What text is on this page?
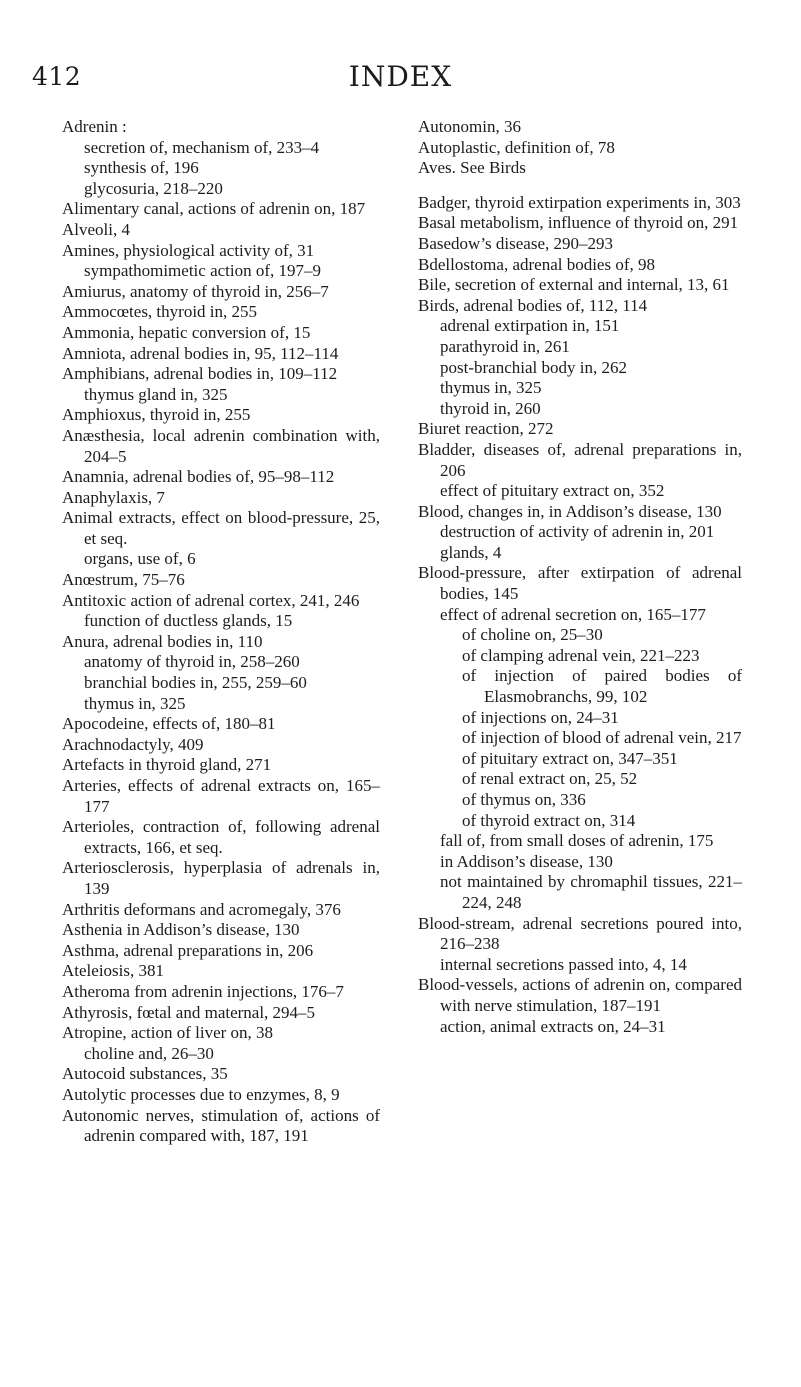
412	INDEX

Adrenin :

secretion of, mechanism of, 233–4

synthesis of, 196

glycosuria, 218–220

Alimentary canal, actions of adrenin on, 187

Alveoli, 4

Amines, physiological activity of, 31

sympathomimetic action of, 197–9

Amiurus, anatomy of thyroid in, 256–7

Ammocœtes, thyroid in, 255

Ammonia, hepatic conversion of, 15

Amniota, adrenal bodies in, 95, 112–114

Amphibians, adrenal bodies in, 109–112

thymus gland in, 325

Amphioxus, thyroid in, 255

Anæsthesia, local adrenin combination with, 204–5

Anamnia, adrenal bodies of, 95–98–112

Anaphylaxis, 7

Animal extracts, effect on blood-pressure, 25, et seq.

organs, use of, 6

Anœstrum, 75–76

Antitoxic action of adrenal cortex, 241, 246

function of ductless glands, 15

Anura, adrenal bodies in, 110

anatomy of thyroid in, 258–260

branchial bodies in, 255, 259–60

thymus in, 325

Apocodeine, effects of, 180–81

Arachnodactyly, 409

Artefacts in thyroid gland, 271

Arteries, effects of adrenal extracts on, 165–177

Arterioles, contraction of, following adrenal extracts, 166, et seq.

Arteriosclerosis, hyperplasia of adrenals in, 139

Arthritis deformans and acromegaly, 376

Asthenia in Addison’s disease, 130

Asthma, adrenal preparations in, 206

Ateleiosis, 381

Atheroma from adrenin injections, 176–7

Athyrosis, fœtal and maternal, 294–5

Atropine, action of liver on, 38

choline and, 26–30

Autocoid substances, 35

Autolytic processes due to enzymes, 8, 9

Autonomic nerves, stimulation of, actions of adrenin compared with, 187, 191

Autonomin, 36

Autoplastic, definition of, 78

Aves. See Birds

Badger, thyroid extirpation experiments in, 303

Basal metabolism, influence of thyroid on, 291

Basedow’s disease, 290–293

Bdellostoma, adrenal bodies of, 98

Bile, secretion of external and internal, 13, 61

Birds, adrenal bodies of, 112, 114

adrenal extirpation in, 151

parathyroid in, 261

post-branchial body in, 262

thymus in, 325

thyroid in, 260

Biuret reaction, 272

Bladder, diseases of, adrenal preparations in, 206

effect of pituitary extract on, 352

Blood, changes in, in Addison’s disease, 130

destruction of activity of adrenin in, 201

glands, 4

Blood-pressure, after extirpation of adrenal bodies, 145

effect of adrenal secretion on, 165–177

of choline on, 25–30

of clamping adrenal vein, 221–223

of injection of paired bodies of Elasmobranchs, 99, 102

of injections on, 24–31

of injection of blood of adrenal vein, 217

of pituitary extract on, 347–351

of renal extract on, 25, 52

of thymus on, 336

of thyroid extract on, 314

fall of, from small doses of adrenin, 175

in Addison’s disease, 130

not maintained by chromaphil tissues, 221–224, 248

Blood-stream, adrenal secretions poured into, 216–238

internal secretions passed into, 4, 14

Blood-vessels, actions of adrenin on, compared with nerve stimulation, 187–191

action, animal extracts on, 24–31
